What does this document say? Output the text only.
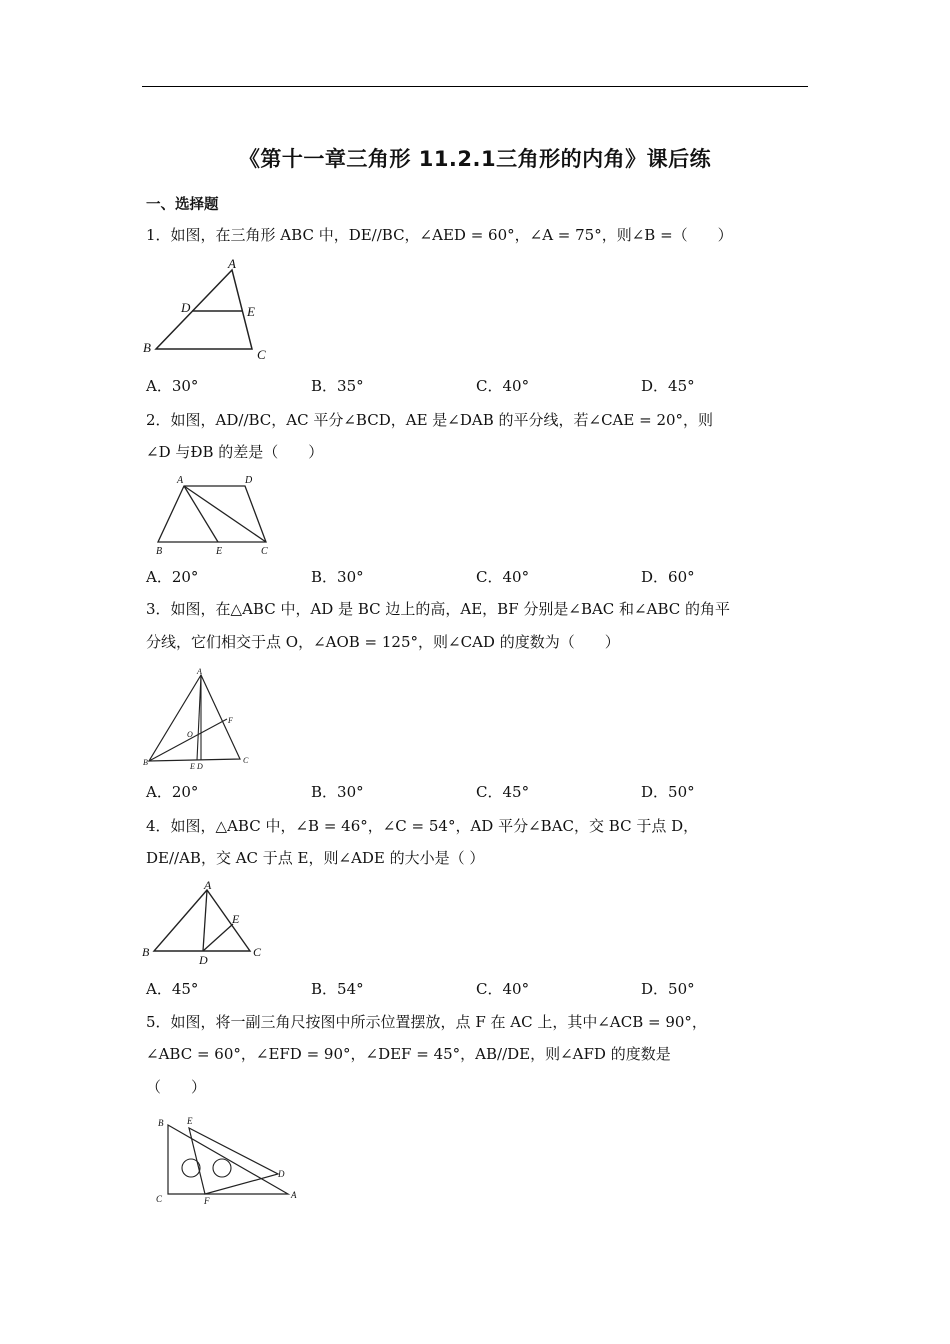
《第十一章三角形 11.2.1三角形的内角》课后练
一、选择题
1．如图，在三角形 ABC 中，DE//BC，∠AED = 60°，∠A = 75°，则∠B =（　　）
A
D	E
B	C
A．30°	B．35°	C．40°	D．45°
2．如图，AD//BC，AC 平分∠BCD，AE 是∠DAB 的平分线，若∠CAE = 20°，则
∠D 与ÐB 的差是（　　）
A	D
B	E	C
A．20°	B．30°	C．40°	D．60°
3．如图，在△ABC 中，AD 是 BC 边上的高，AE，BF 分别是∠BAC 和∠ABC 的角平
分线，它们相交于点 O，∠AOB = 125°，则∠CAD 的度数为（　　）
A
F
O
B	E D
C
A．20°	B．30°	C．45°	D．50°
4．如图，△ABC 中，∠B = 46°，∠C = 54°，AD 平分∠BAC，交 BC 于点 D，
DE//AB，交 AC 于点 E，则∠ADE 的大小是（ ）
A
E
B
D
C
A．45°	B．54°	C．40°	D．50°
5．如图，将一副三角尺按图中所示位置摆放，点 F 在 AC 上，其中∠ACB = 90°，
∠ABC = 60°，∠EFD = 90°，∠DEF = 45°，AB//DE，则∠AFD 的度数是
（　　）
B	E
D
C	F
A
